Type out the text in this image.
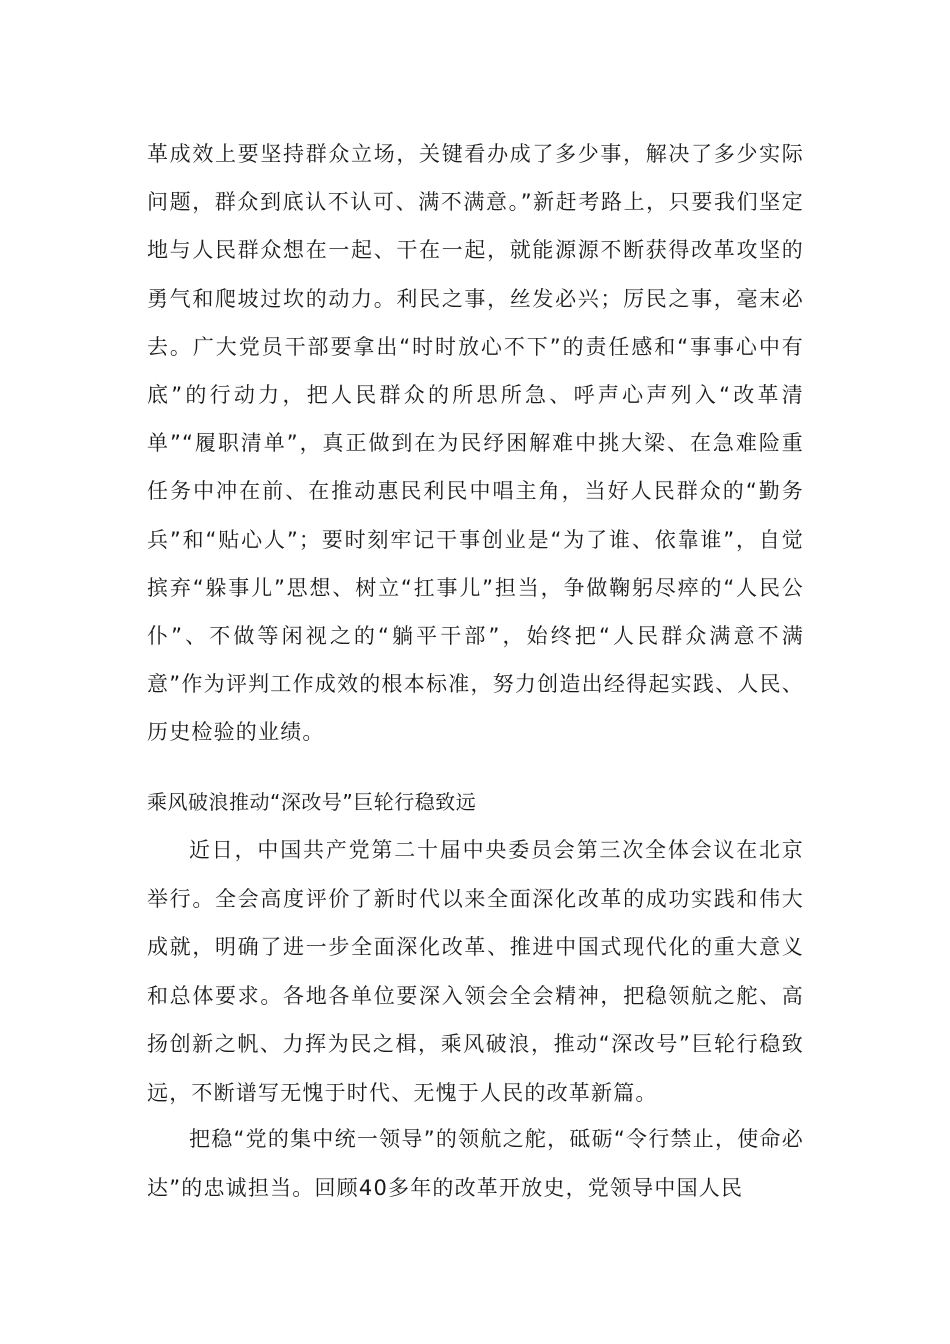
革成效上要坚持群众立场，关键看办成了多少事，解决了多少实际问题，群众到底认不认可、满不满意。”新赶考路上，只要我们坚定地与人民群众想在一起、干在一起，就能源源不断获得改革攻坚的勇气和爬坡过坎的动力。利民之事，丝发必兴；厉民之事，毫末必去。广大党员干部要拿出“时时放心不下”的责任感和“事事心中有底”的行动力，把人民群众的所思所急、呼声心声列入“改革清单”“履职清单”，真正做到在为民纾困解难中挑大梁、在急难险重任务中冲在前、在推动惠民利民中唱主角，当好人民群众的“勤务兵”和“贴心人”；要时刻牢记干事创业是“为了谁、依靠谁”，自觉摈弃“躲事儿”思想、树立“扛事儿”担当，争做鞠躬尽瘁的“人民公仆”、不做等闲视之的“躺平干部”，始终把“人民群众满意不满意”作为评判工作成效的根本标准，努力创造出经得起实践、人民、历史检验的业绩。
乘风破浪推动“深改号”巨轮行稳致远
近日，中国共产党第二十届中央委员会第三次全体会议在北京举行。全会高度评价了新时代以来全面深化改革的成功实践和伟大成就，明确了进一步全面深化改革、推进中国式现代化的重大意义和总体要求。各地各单位要深入领会全会精神，把稳领航之舵、高扬创新之帆、力挥为民之楫，乘风破浪，推动“深改号”巨轮行稳致远，不断谱写无愧于时代、无愧于人民的改革新篇。
把稳“党的集中统一领导”的领航之舵，砥砺“令行禁止，使命必达”的忠诚担当。回顾40多年的改革开放史，党领导中国人民
